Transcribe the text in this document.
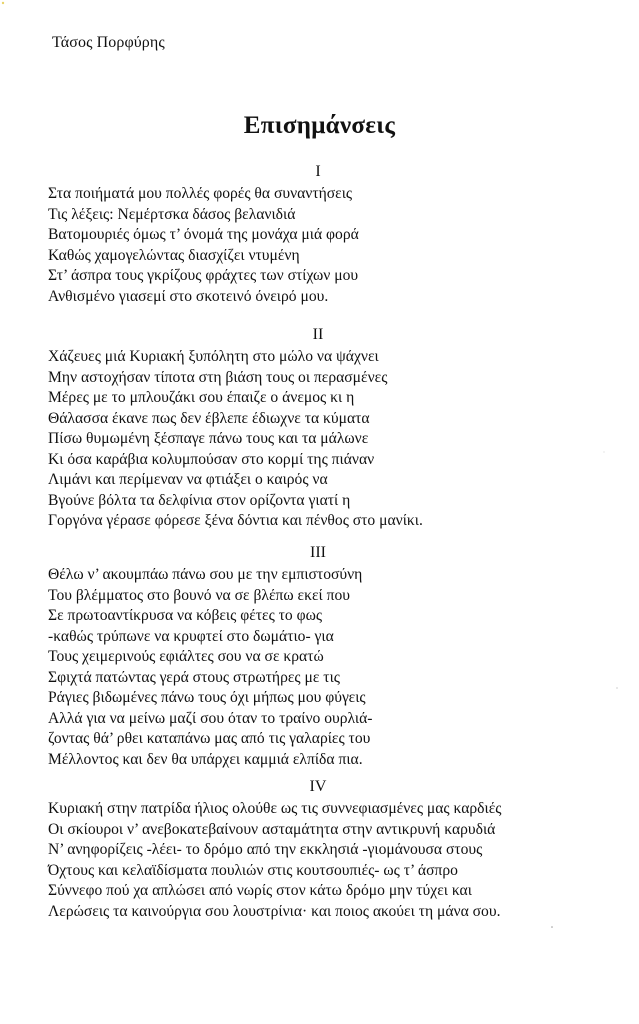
Τάσος Πορφύρης
Επισημάνσεις
I
Στα ποιήματά μου πολλές φορές θα συναντήσεις
Τις λέξεις: Νεμέρτσκα δάσος βελανιδιά
Βατομουριές όμως τ’ όνομά της μονάχα μιά φορά
Καθώς χαμογελώντας διασχίζει ντυμένη
Στ’ άσπρα τους γκρίζους φράχτες των στίχων μου
Ανθισμένο γιασεμί στο σκοτεινό όνειρό μου.
II
Χάζευες μιά Κυριακή ξυπόλητη στο μώλο να ψάχνει
Μην αστοχήσαν τίποτα στη βιάση τους οι περασμένες
Μέρες με το μπλουζάκι σου έπαιζε ο άνεμος κι η
Θάλασσα έκανε πως δεν έβλεπε έδιωχνε τα κύματα
Πίσω θυμωμένη ξέσπαγε πάνω τους και τα μάλωνε
Κι όσα καράβια κολυμπούσαν στο κορμί της πιάναν
Λιμάνι και περίμεναν να φτιάξει ο καιρός να
Βγούνε βόλτα τα δελφίνια στον ορίζοντα γιατί η
Γοργόνα γέρασε φόρεσε ξένα δόντια και πένθος στο μανίκι.
III
Θέλω ν’ ακουμπάω πάνω σου με την εμπιστοσύνη
Του βλέμματος στο βουνό να σε βλέπω εκεί που
Σε πρωτοαντίκρυσα να κόβεις φέτες το φως
-καθώς τρύπωνε να κρυφτεί στο δωμάτιο- για
Τους χειμερινούς εφιάλτες σου να σε κρατώ
Σφιχτά πατώντας γερά στους στρωτήρες με τις
Ράγιες βιδωμένες πάνω τους όχι μήπως μου φύγεις
Αλλά για να μείνω μαζί σου όταν το τραίνο ουρλιά-
ζοντας θά’ ρθει καταπάνω μας από τις γαλαρίες του
Μέλλοντος και δεν θα υπάρχει καμμιά ελπίδα πια.
IV
Κυριακή στην πατρίδα ήλιος ολούθε ως τις συννεφιασμένες μας καρδιές
Οι σκίουροι ν’ ανεβοκατεβαίνουν ασταμάτητα στην αντικρυνή καρυδιά
Ν’ ανηφορίζεις -λέει- το δρόμο από την εκκλησιά -γιομάνουσα στους
Όχτους και κελαϊδίσματα πουλιών στις κουτσουπιές- ως τ’ άσπρο
Σύννεφο πού χα απλώσει από νωρίς στον κάτω δρόμο μην τύχει και
Λερώσεις τα καινούργια σου λουστρίνια· και ποιος ακούει τη μάνα σου.
